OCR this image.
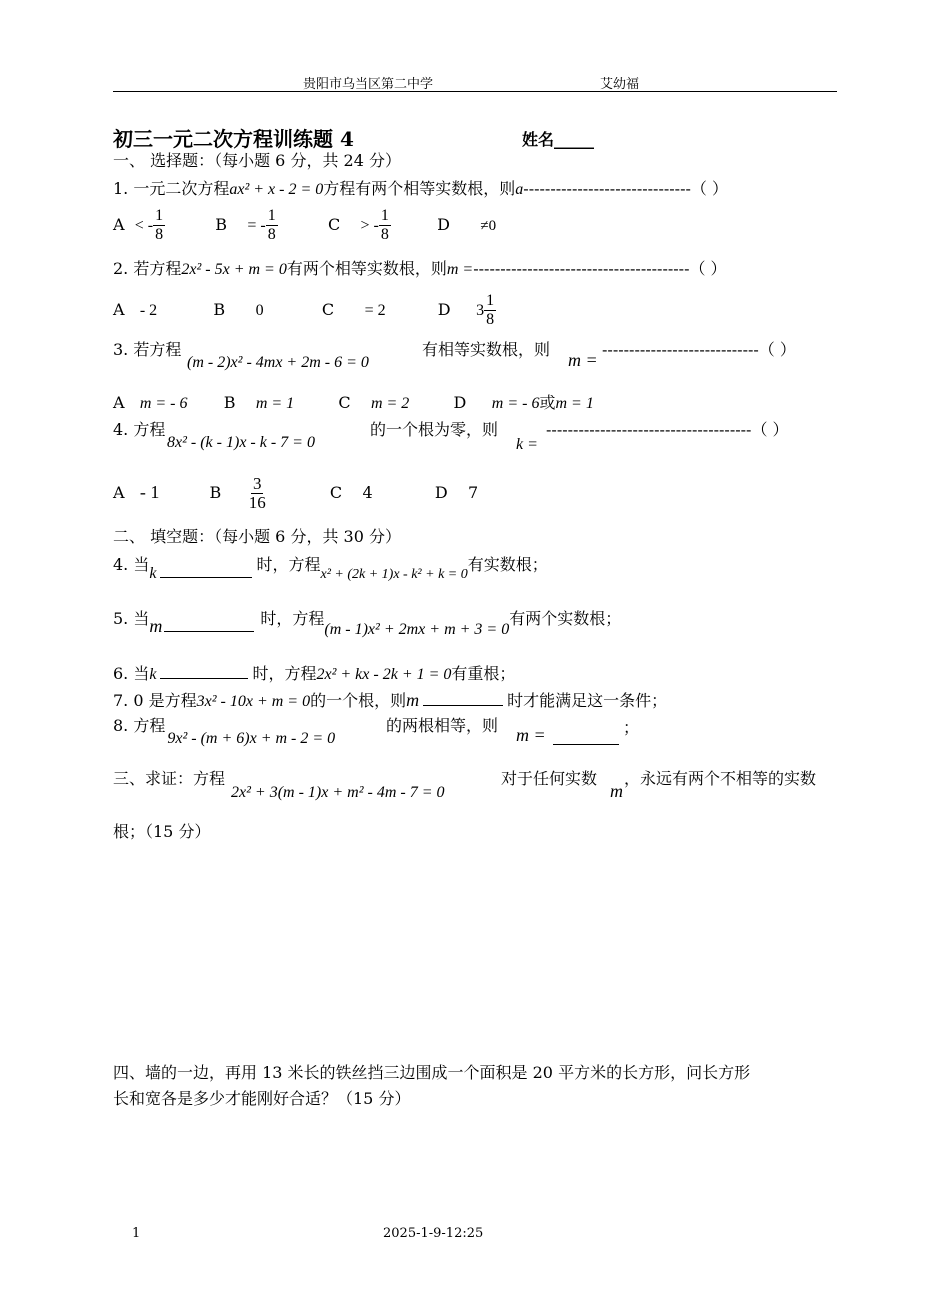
贵阳市乌当区第二中学	艾幼福
初三一元二次方程训练题 4	姓名_____
一、 选择题：（每小题 6 分，共 24 分）
1. 一元二次方程ax² + x - 2 = 0方程有两个相等实数根，则a-------------------------------（ ）
A < - $\frac{1}{8}$	B = - $\frac{1}{8}$	C > - $\frac{1}{8}$	D ≠0
2. 若方程2x² - 5x + m = 0有两个相等实数根，则m =----------------------------------------（ ）
A - 2	B 0	C = 2	D $3 \frac{1}{8}$
3. 若方程
(m - 2)x² - 4mx + 2m - 6 = 0
有相等实数根，则
m =
-----------------------------（ ）
A m = - 6 B m = 1	C m = 2	D m = - 6或m = 1
4. 方程
8x² - (k - 1)x - k - 7 = 0
的一个根为零，则
k =
--------------------------------------（ ）
A - 1	B $\frac{3}{16}$	C 4	D 7
二、 填空题：（每小题 6 分，共 30 分）
4. 当k	时，方程x² + (2k + 1)x - k² + k = 0有实数根；
5. 当m	时，方程(m - 1)x² + 2mx + m + 3 = 0有两个实数根；
6. 当k	时，方程2x² + kx - 2k + 1 = 0有重根；
7. 0 是方程3x² - 10x + m = 0的一个根，则m	时才能满足这一条件；
8. 方程9x² - (m + 6)x + m - 2 = 0
的两根相等，则 m =	；
三、求证：方程
2x² + 3(m - 1)x + m² - 4m - 7 = 0
对于任何实数
m
，永远有两个不相等的实数
根；（15 分）
四、墙的一边，再用 13 米长的铁丝挡三边围成一个面积是 20 平方米的长方形，问长方形
长和宽各是多少才能刚好合适？（15 分）
1	2025-1-9-12:25
